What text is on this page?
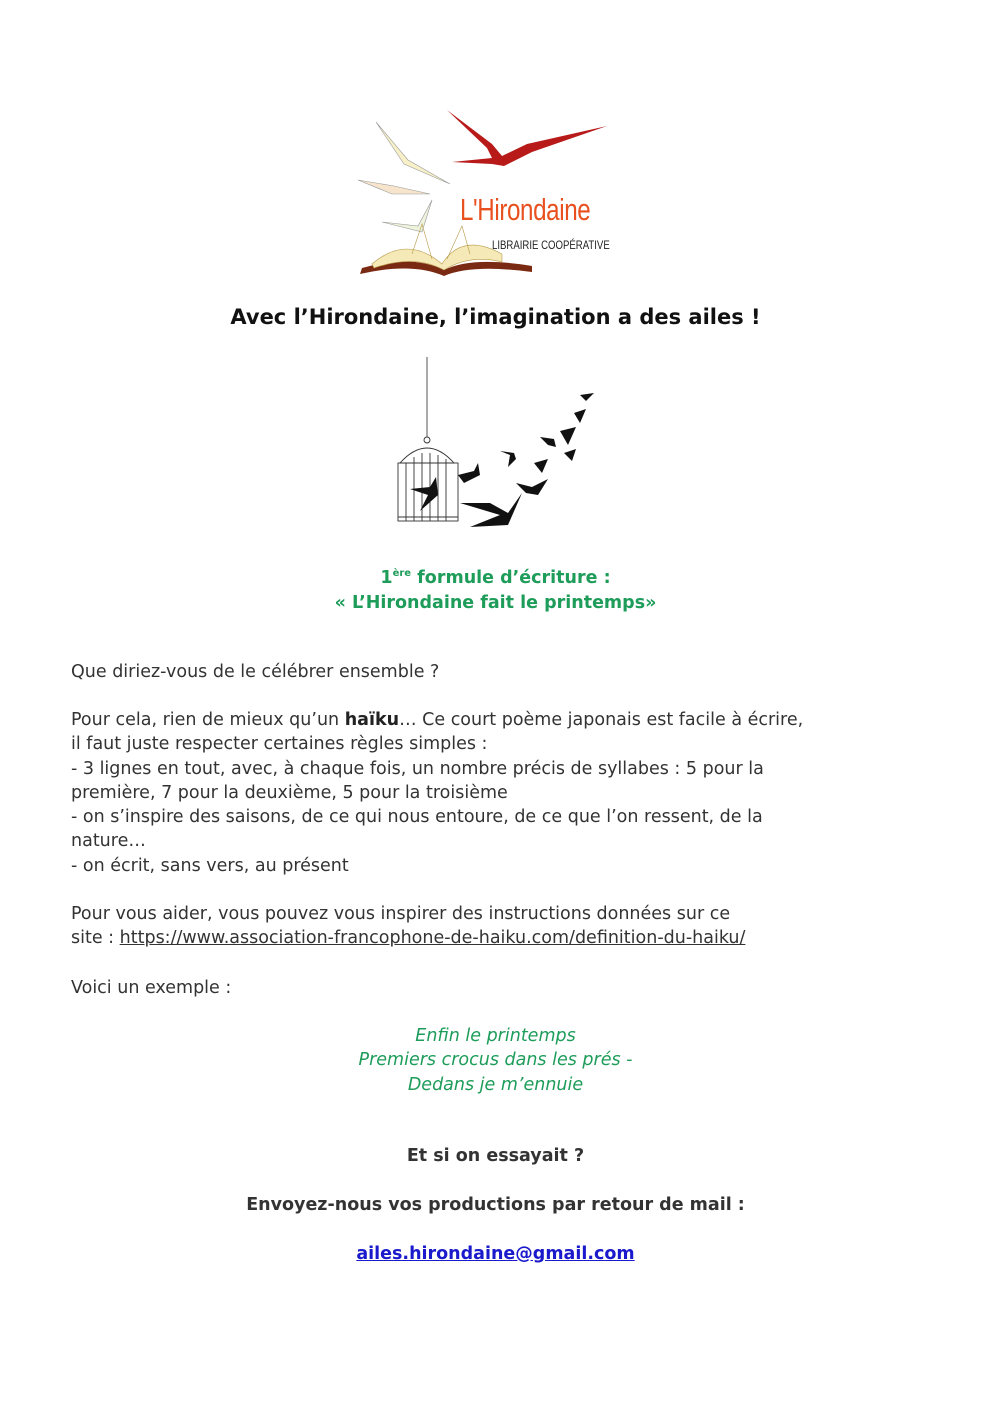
L'Hirondaine
LIBRAIRIE COOPÉRATIVE
Avec l’Hirondaine, l’imagination a des ailes !
1ère formule d’écriture :
« L’Hirondaine fait le printemps»
Que diriez-vous de le célébrer ensemble ?
Pour cela, rien de mieux qu’un haïku… Ce court poème japonais est facile à écrire,
il faut juste respecter certaines règles simples :
- 3 lignes en tout, avec, à chaque fois, un nombre précis de syllabes : 5 pour la
première, 7 pour la deuxième, 5 pour la troisième
- on s’inspire des saisons, de ce qui nous entoure, de ce que l’on ressent, de la
nature…
- on écrit, sans vers, au présent
Pour vous aider, vous pouvez vous inspirer des instructions données sur ce
site : https://www.association-francophone-de-haiku.com/definition-du-haiku/
Voici un exemple :
Enfin le printemps
Premiers crocus dans les prés -
Dedans je m’ennuie
Et si on essayait ?
Envoyez-nous vos productions par retour de mail :
ailes.hirondaine@gmail.com
